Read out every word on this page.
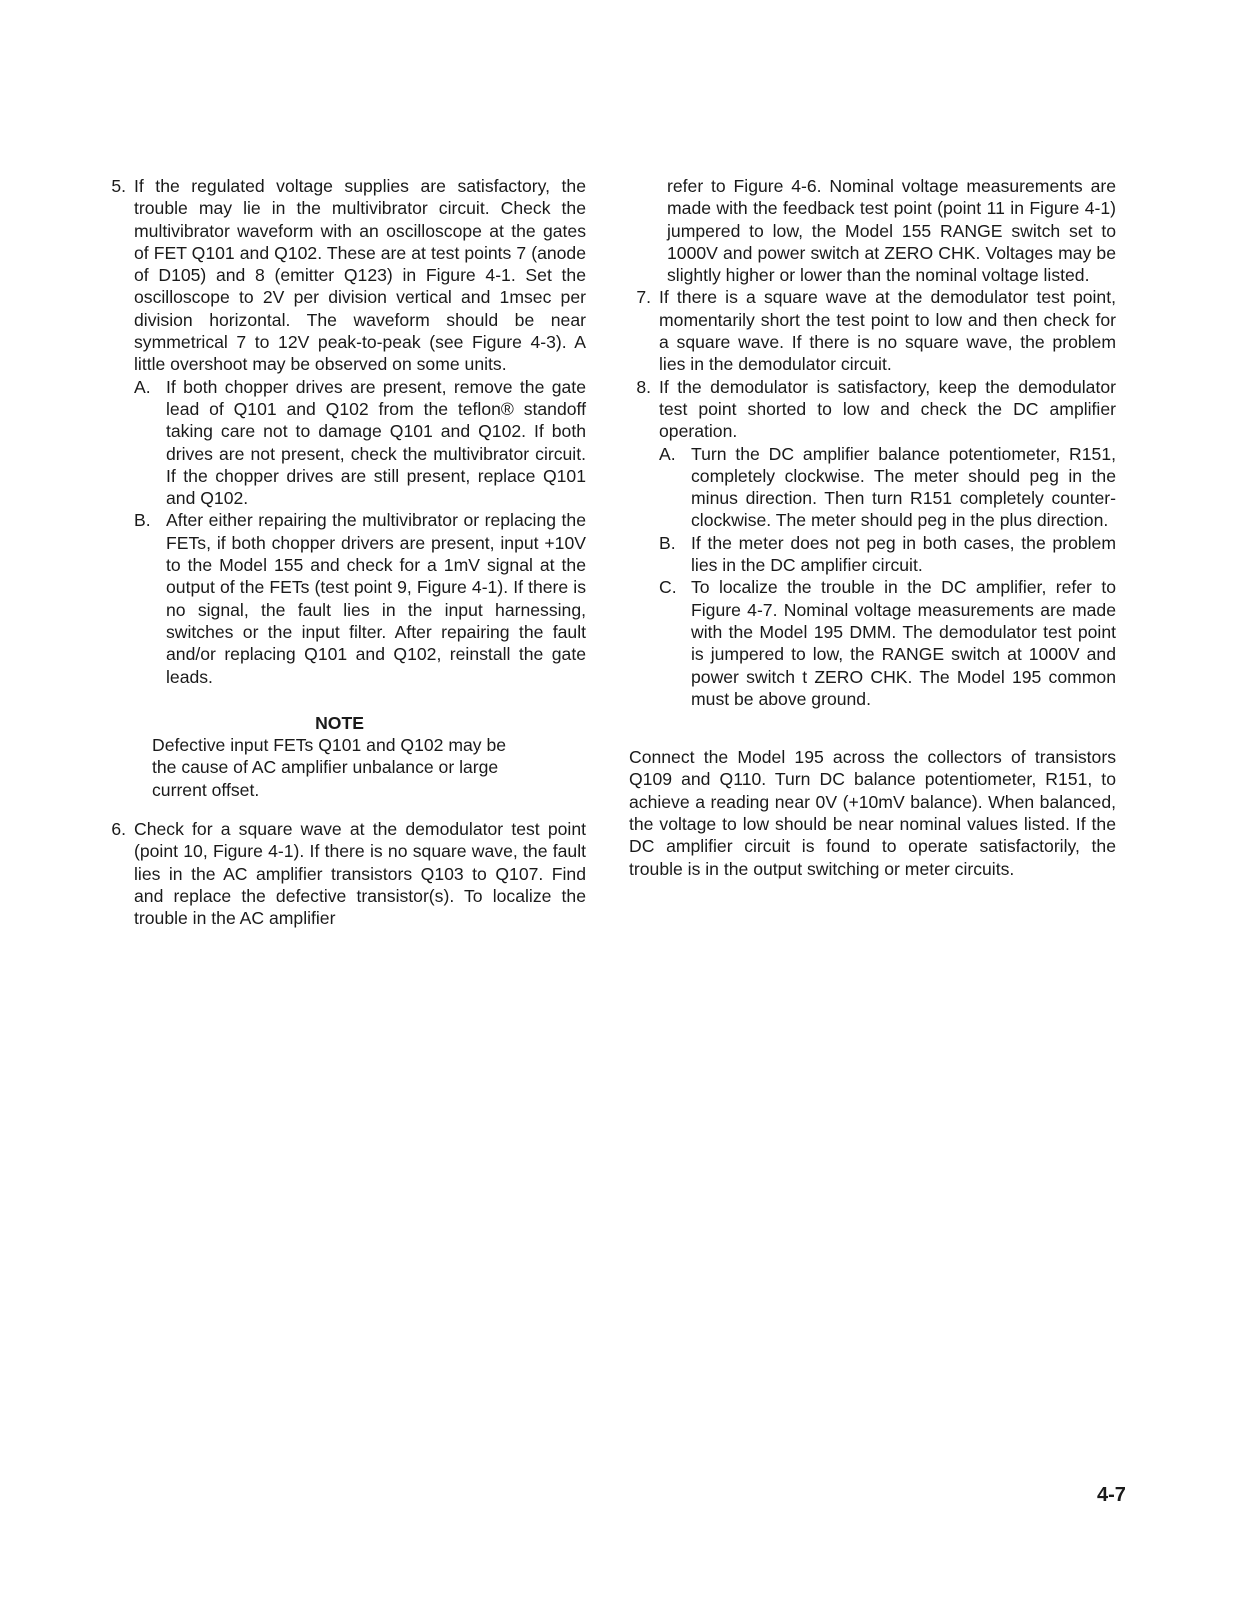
5. If the regulated voltage supplies are satisfactory, the trouble may lie in the multivibrator circuit. Check the multivibrator waveform with an oscilloscope at the gates of FET Q101 and Q102. These are at test points 7 (anode of D105) and 8 (emitter Q123) in Figure 4-1. Set the oscilloscope to 2V per division vertical and 1msec per division horizontal. The waveform should be near symmetrical 7 to 12V peak-to-peak (see Figure 4-3). A little overshoot may be observed on some units.
A. If both chopper drives are present, remove the gate lead of Q101 and Q102 from the teflon® standoff taking care not to damage Q101 and Q102. If both drives are not present, check the multivibrator circuit. If the chopper drives are still present, replace Q101 and Q102.
B. After either repairing the multivibrator or replacing the FETs, if both chopper drivers are present, input +10V to the Model 155 and check for a 1mV signal at the output of the FETs (test point 9, Figure 4-1). If there is no signal, the fault lies in the input harnessing, switches or the input filter. After repairing the fault and/or replacing Q101 and Q102, reinstall the gate leads.
NOTE
Defective input FETs Q101 and Q102 may be the cause of AC amplifier unbalance or large current offset.
6. Check for a square wave at the demodulator test point (point 10, Figure 4-1). If there is no square wave, the fault lies in the AC amplifier transistors Q103 to Q107. Find and replace the defective transistor(s). To localize the trouble in the AC amplifier
refer to Figure 4-6. Nominal voltage measurements are made with the feedback test point (point 11 in Figure 4-1) jumpered to low, the Model 155 RANGE switch set to 1000V and power switch at ZERO CHK. Voltages may be slightly higher or lower than the nominal voltage listed.
7. If there is a square wave at the demodulator test point, momentarily short the test point to low and then check for a square wave. If there is no square wave, the problem lies in the demodulator circuit.
8. If the demodulator is satisfactory, keep the demodulator test point shorted to low and check the DC amplifier operation.
A. Turn the DC amplifier balance potentiometer, R151, completely clockwise. The meter should peg in the minus direction. Then turn R151 completely counter-clockwise. The meter should peg in the plus direction.
B. If the meter does not peg in both cases, the problem lies in the DC amplifier circuit.
C. To localize the trouble in the DC amplifier, refer to Figure 4-7. Nominal voltage measurements are made with the Model 195 DMM. The demodulator test point is jumpered to low, the RANGE switch at 1000V and power switch t ZERO CHK. The Model 195 common must be above ground.
Connect the Model 195 across the collectors of transistors Q109 and Q110. Turn DC balance potentiometer, R151, to achieve a reading near 0V (+10mV balance). When balanced, the voltage to low should be near nominal values listed. If the DC amplifier circuit is found to operate satisfactorily, the trouble is in the output switching or meter circuits.
4-7
